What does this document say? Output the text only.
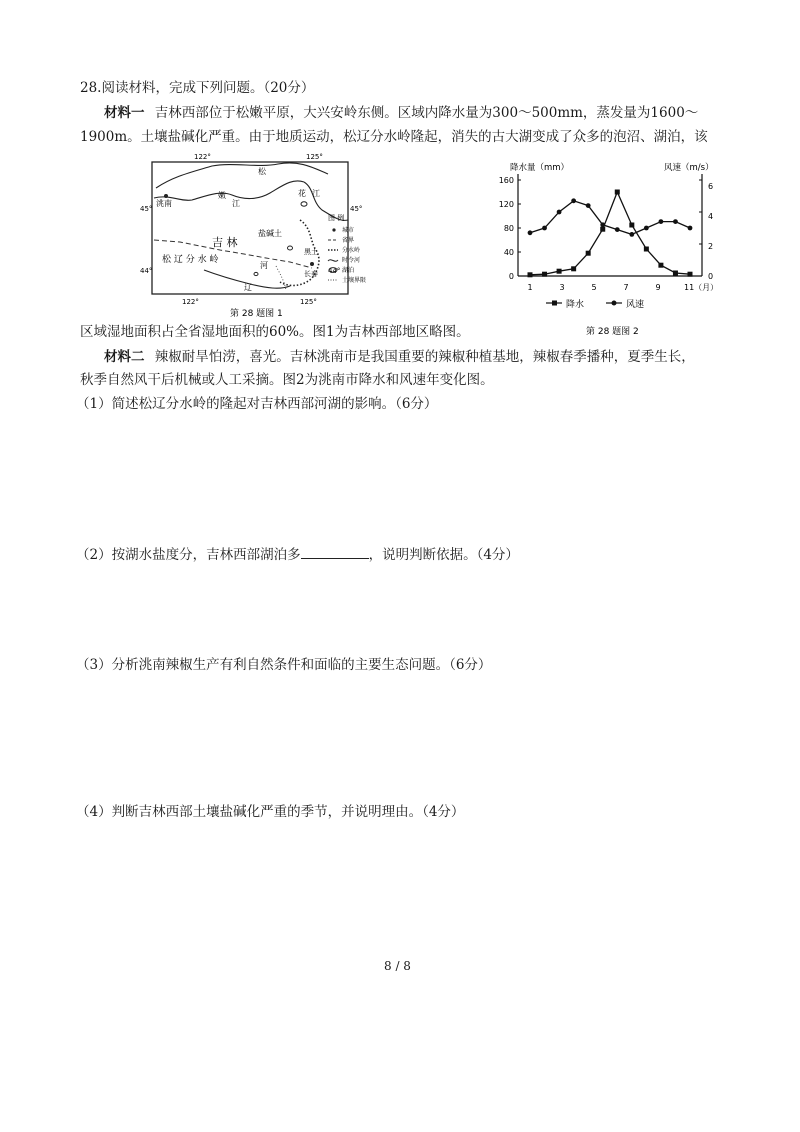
28.阅读材料，完成下列问题。（20分）
材料一 吉林西部位于松嫩平原，大兴安岭东侧。区域内降水量为300～500mm，蒸发量为1600～
1900m。土壤盐碱化严重。由于地质运动，松辽分水岭隆起，消失的古大湖变成了众多的泡沼、湖泊，该
122°	125°
122°	125°
45°
44°
45°
44°
洮南
嫩
江
松
花 江
吉 林
盐碱土
黑土
长春
松 辽 分 水 岭
辽
河
图 例
城市
省界
分水岭
时令河
湖泊
土壤界限
第 28 题图 1
降水量（mm）	风速（m/s）
160
120
80
40
0
6
4
2
0
1	3	5	7	9	11（月）
降水	风速
第 28 题图 2
区域湿地面积占全省湿地面积的60%。图1为吉林西部地区略图。
材料二 辣椒耐旱怕涝，喜光。吉林洮南市是我国重要的辣椒种植基地，辣椒春季播种，夏季生长，
秋季自然风干后机械或人工采摘。图2为洮南市降水和风速年变化图。
（1）简述松辽分水岭的隆起对吉林西部河湖的影响。（6分）
（2）按湖水盐度分，吉林西部湖泊多	，说明判断依据。（4分）
（3）分析洮南辣椒生产有利自然条件和面临的主要生态问题。（6分）
（4）判断吉林西部土壤盐碱化严重的季节，并说明理由。（4分）
8 / 8
